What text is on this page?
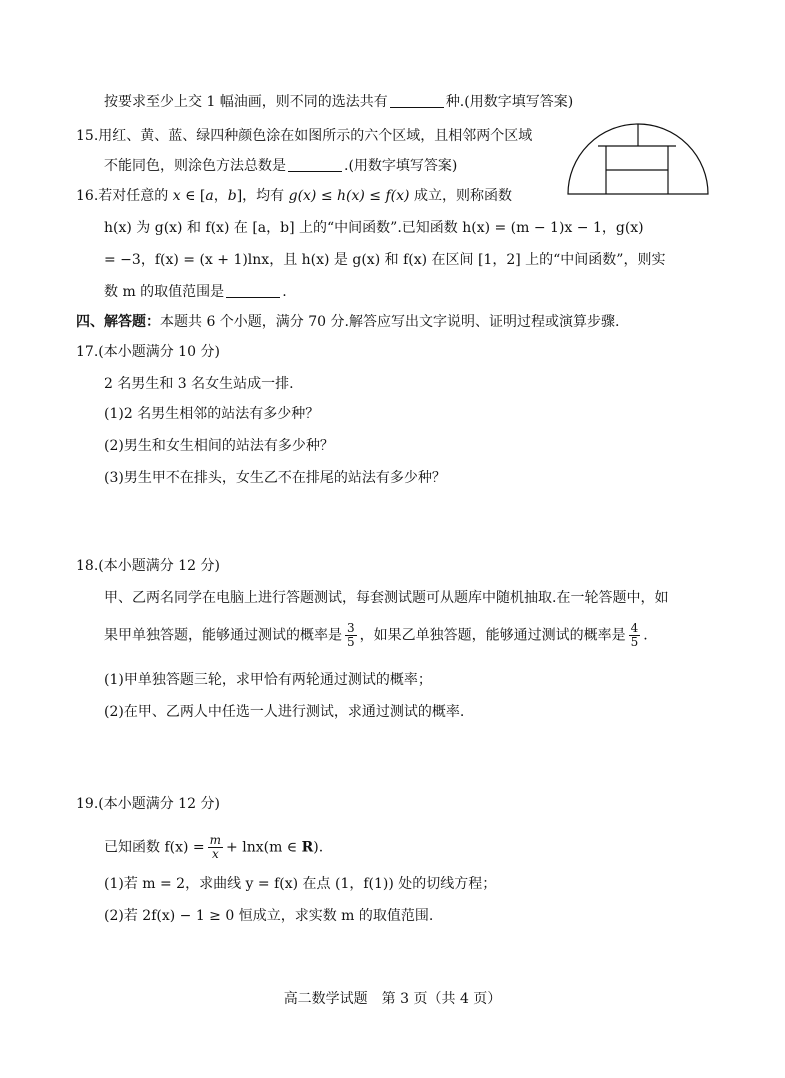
按要求至少上交 1 幅油画，则不同的选法共有	种.(用数字填写答案)
15.用红、黄、蓝、绿四种颜色涂在如图所示的六个区域，且相邻两个区域
不能同色，则涂色方法总数是	.(用数字填写答案)
16.若对任意的 x ∈ [a，b]，均有 g(x) ≤ h(x) ≤ f(x) 成立，则称函数
h(x) 为 g(x) 和 f(x) 在 [a，b] 上的“中间函数”.已知函数 h(x) = (m − 1)x − 1，g(x)
= −3，f(x) = (x + 1)lnx，且 h(x) 是 g(x) 和 f(x) 在区间 [1，2] 上的“中间函数”，则实
数 m 的取值范围是	.
四、解答题：本题共 6 个小题，满分 70 分.解答应写出文字说明、证明过程或演算步骤.
17.(本小题满分 10 分)
2 名男生和 3 名女生站成一排.
(1)2 名男生相邻的站法有多少种？
(2)男生和女生相间的站法有多少种？
(3)男生甲不在排头，女生乙不在排尾的站法有多少种？
18.(本小题满分 12 分)
甲、乙两名同学在电脑上进行答题测试，每套测试题可从题库中随机抽取.在一轮答题中，如
果甲单独答题，能够通过测试的概率是 $\frac{3}{5}$ ，如果乙单独答题，能够通过测试的概率是 $\frac{4}{5}$ .
(1)甲单独答题三轮，求甲恰有两轮通过测试的概率；
(2)在甲、乙两人中任选一人进行测试，求通过测试的概率.
19.(本小题满分 12 分)
已知函数 $f(x) = \frac{m}{x} + \ln x(m$ ∈ R).
(1)若 m = 2，求曲线 y = f(x) 在点 (1，f(1)) 处的切线方程；
(2)若 2f(x) − 1 ≥ 0 恒成立，求实数 m 的取值范围.
高二数学试题　第 3 页（共 4 页）
